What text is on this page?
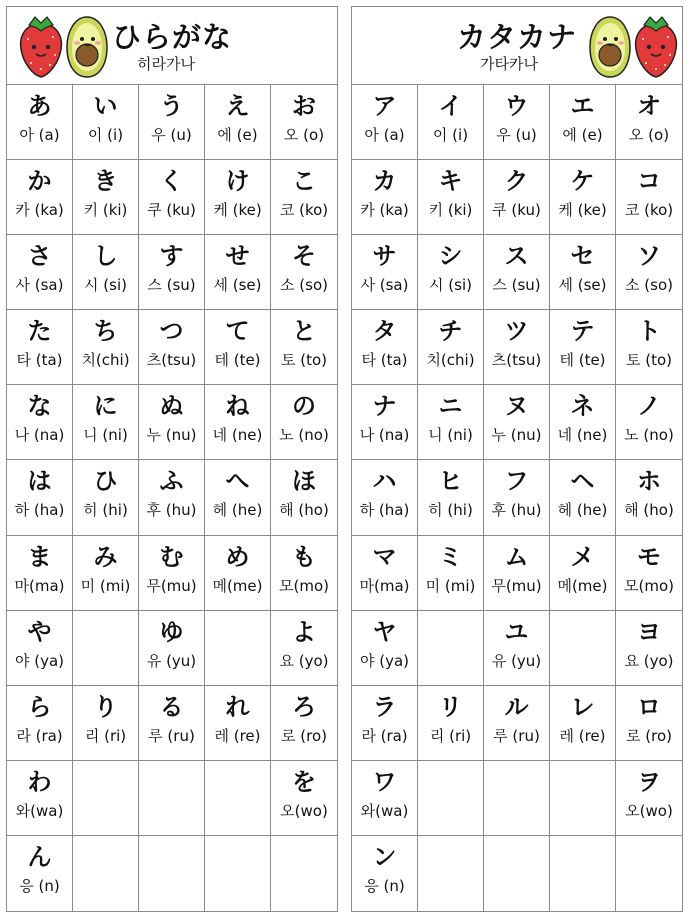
ひらがな
히라가나
あ
아 (a)
い
이 (i)
う
우 (u)
え
에 (e)
お
오 (o)
か
카 (ka)
き
키 (ki)
く
쿠 (ku)
け
케 (ke)
こ
코 (ko)
さ
사 (sa)
し
시 (si)
す
스 (su)
せ
세 (se)
そ
소 (so)
た
타 (ta)
ち
치(chi)
つ
츠(tsu)
て
테 (te)
と
토 (to)
な
나 (na)
に
니 (ni)
ぬ
누 (nu)
ね
네 (ne)
の
노 (no)
は
하 (ha)
ひ
히 (hi)
ふ
후 (hu)
へ
헤 (he)
ほ
해 (ho)
ま
마(ma)
み
미 (mi)
む
무(mu)
め
메(me)
も
모(mo)
や
야 (ya)
ゆ
유 (yu)
よ
요 (yo)
ら
라 (ra)
り
리 (ri)
る
루 (ru)
れ
레 (re)
ろ
로 (ro)
わ
와(wa)
を
오(wo)
ん
응 (n)
カタカナ
가타카나
ア
아 (a)
イ
이 (i)
ウ
우 (u)
エ
에 (e)
オ
오 (o)
カ
카 (ka)
キ
키 (ki)
ク
쿠 (ku)
ケ
케 (ke)
コ
코 (ko)
サ
사 (sa)
シ
시 (si)
ス
스 (su)
セ
세 (se)
ソ
소 (so)
タ
타 (ta)
チ
치(chi)
ツ
츠(tsu)
テ
테 (te)
ト
토 (to)
ナ
나 (na)
ニ
니 (ni)
ヌ
누 (nu)
ネ
네 (ne)
ノ
노 (no)
ハ
하 (ha)
ヒ
히 (hi)
フ
후 (hu)
ヘ
헤 (he)
ホ
해 (ho)
マ
마(ma)
ミ
미 (mi)
ム
무(mu)
メ
메(me)
モ
모(mo)
ヤ
야 (ya)
ユ
유 (yu)
ヨ
요 (yo)
ラ
라 (ra)
リ
리 (ri)
ル
루 (ru)
レ
레 (re)
ロ
로 (ro)
ワ
와(wa)
ヲ
오(wo)
ン
응 (n)
